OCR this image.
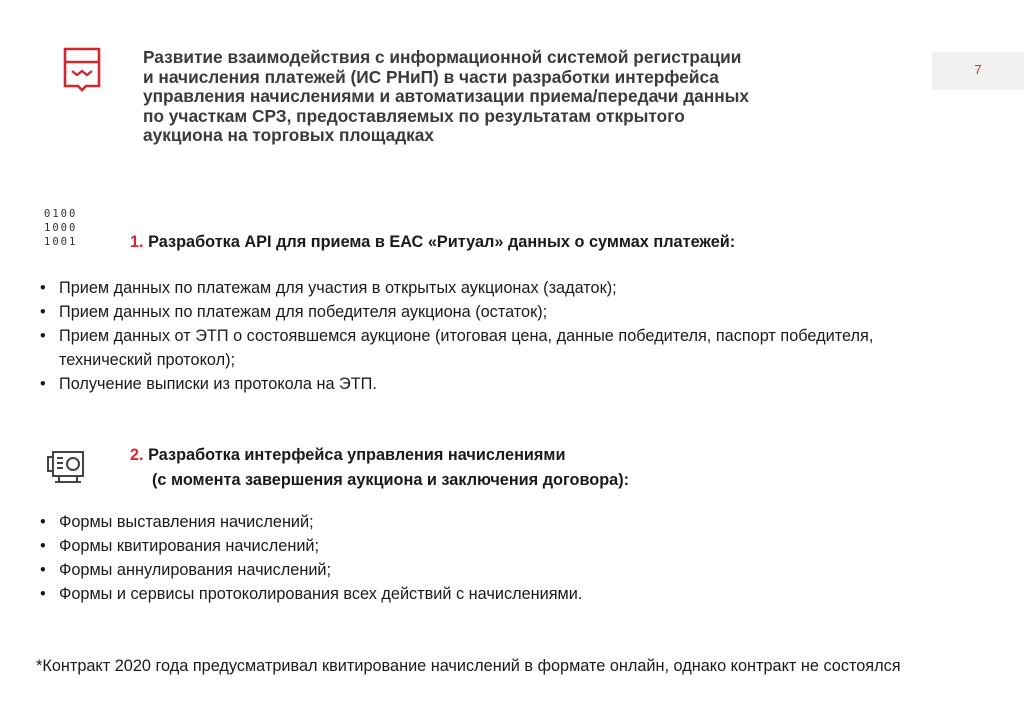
Развитие взаимодействия с информационной системой регистрации
и начисления платежей (ИС РНиП) в части разработки интерфейса
управления начислениями и автоматизации приема/передачи данных
по участкам СРЗ, предоставляемых по результатам открытого
аукциона на торговых площадках
7
0100
1000
1001	1. Разработка API для приема в ЕАС «Ритуал» данных о суммах платежей:
• Прием данных по платежам для участия в открытых аукционах (задаток);
• Прием данных по платежам для победителя аукциона (остаток);
• Прием данных от ЭТП о состоявшемся аукционе (итоговая цена, данные победителя, паспорт победителя, технический протокол);
• Получение выписки из протокола на ЭТП.
2. Разработка интерфейса управления начислениями
(с момента завершения аукциона и заключения договора):
• Формы выставления начислений;
• Формы квитирования начислений;
• Формы аннулирования начислений;
• Формы и сервисы протоколирования всех действий с начислениями.
*Контракт 2020 года предусматривал квитирование начислений в формате онлайн, однако контракт не состоялся
